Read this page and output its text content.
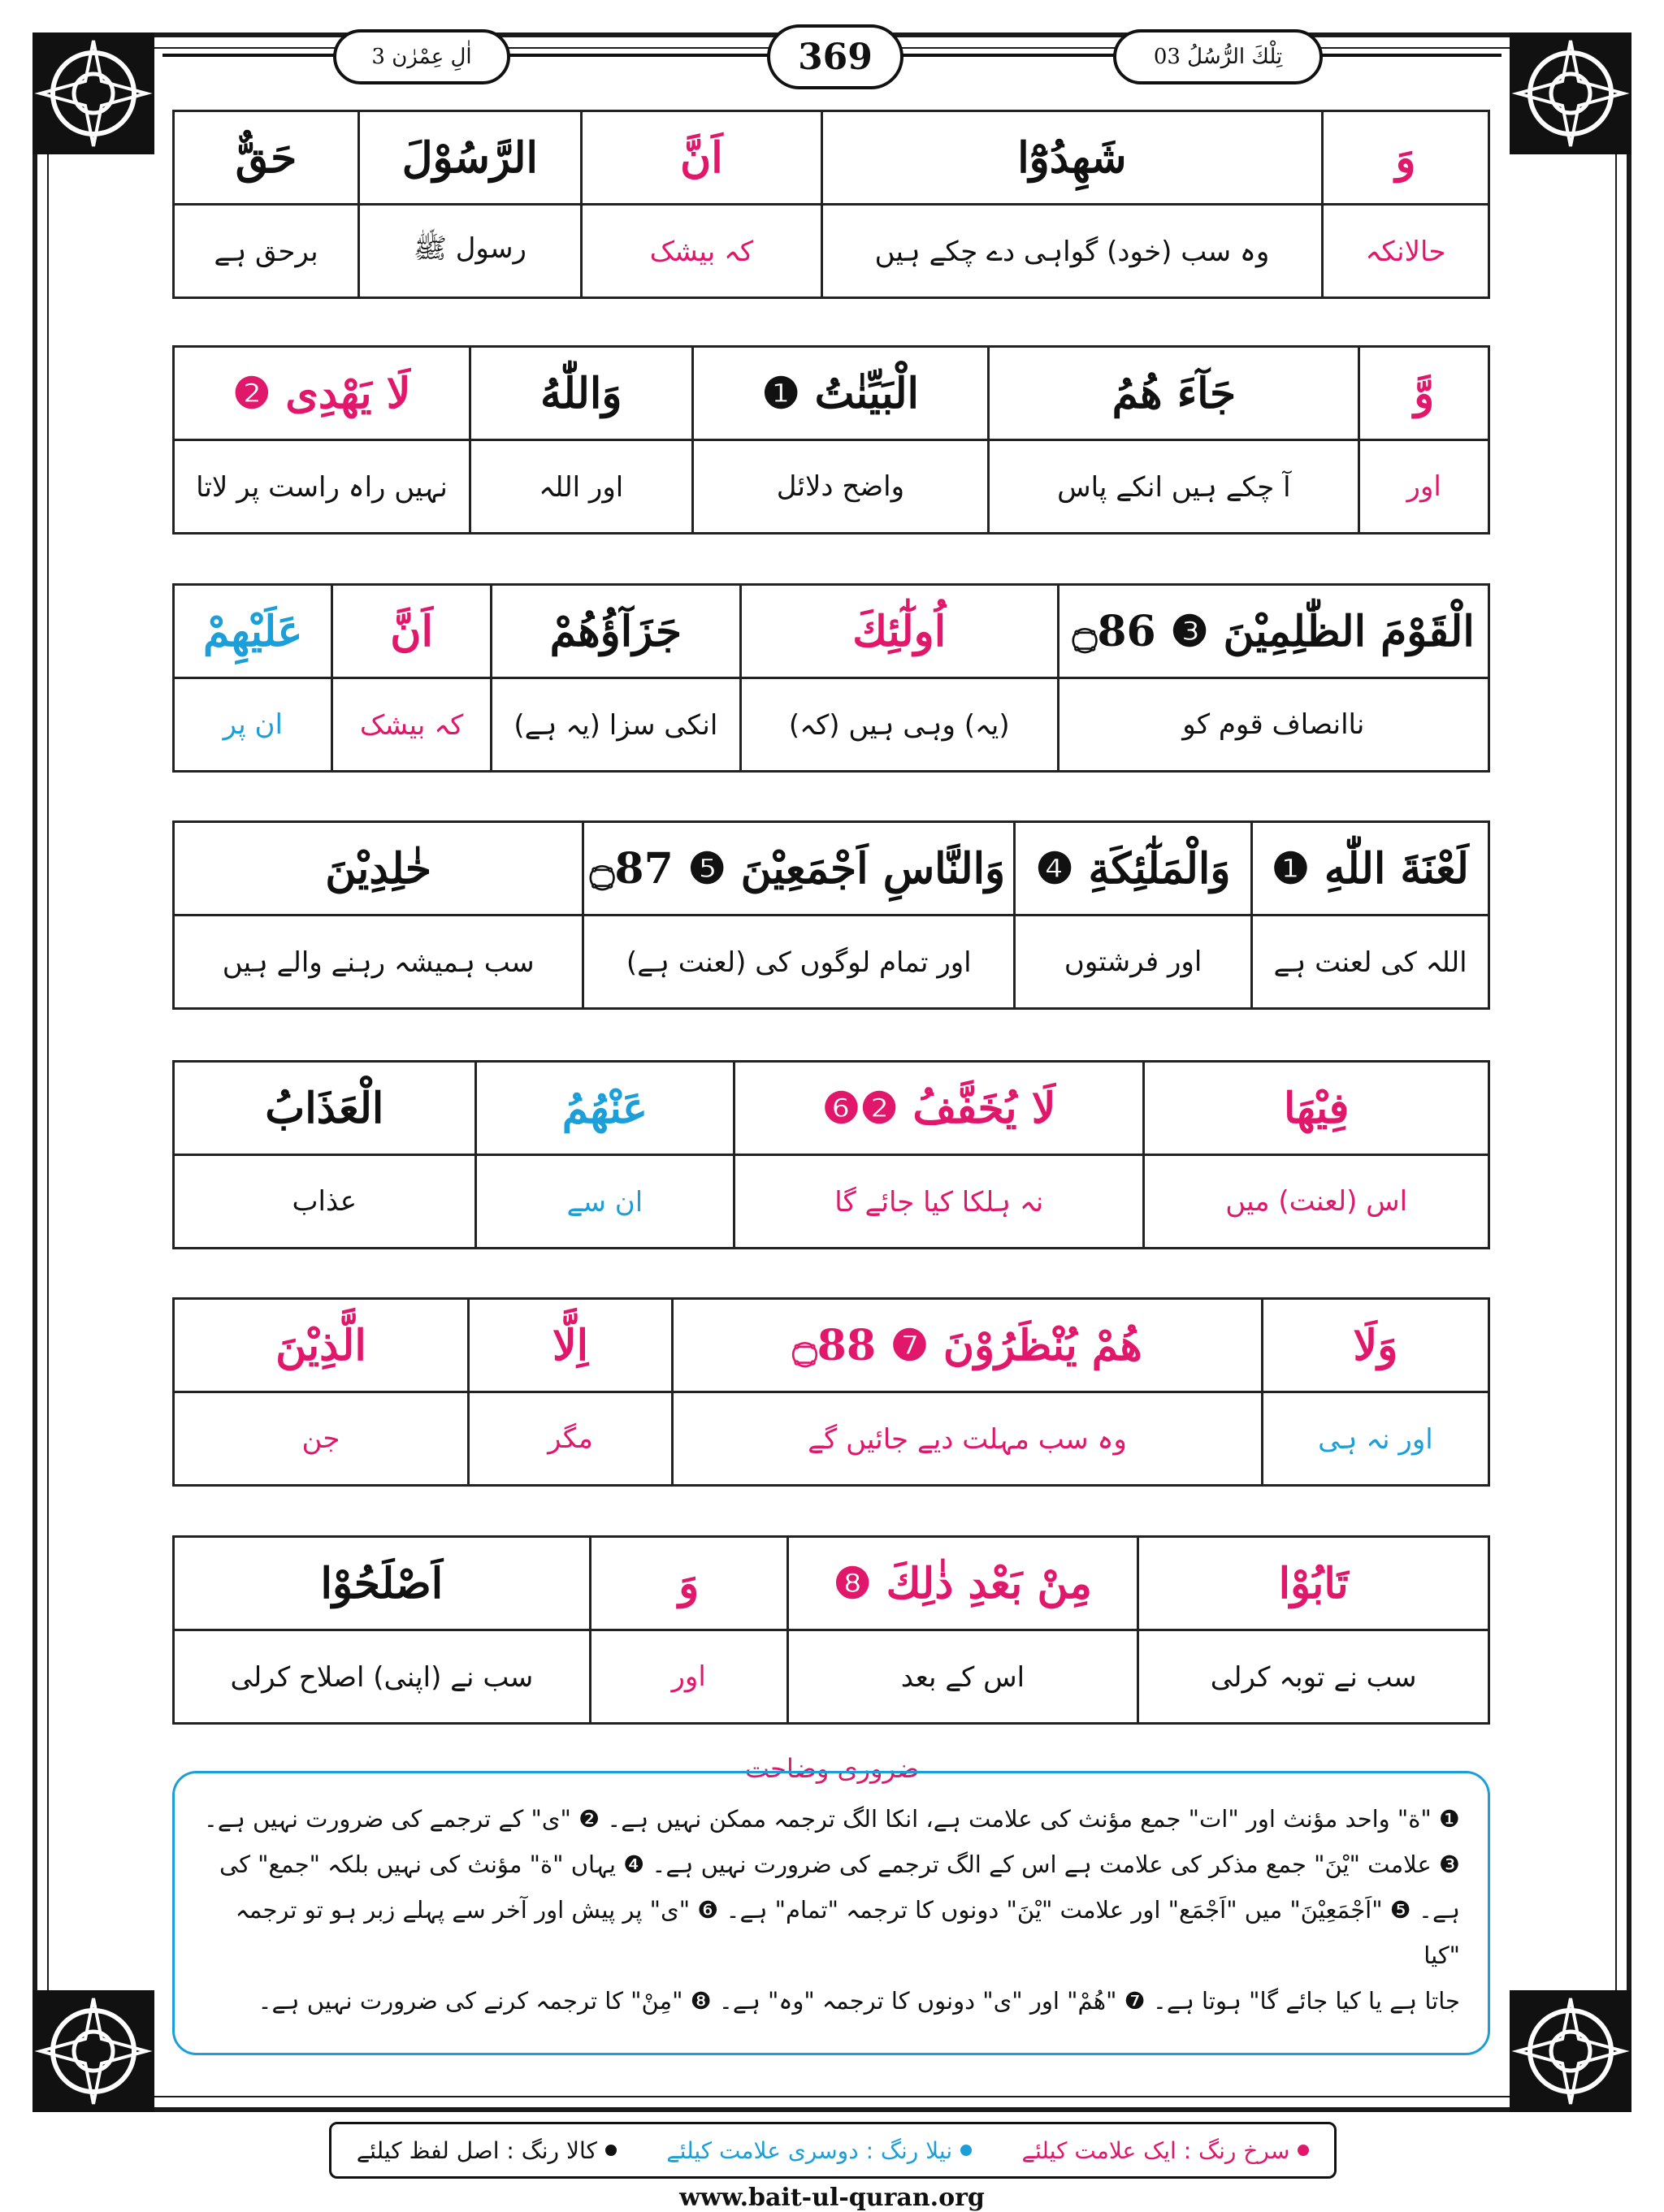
اٰلِ عِمْرٰن 3	369	تِلْكَ الرُّسُلُ 03
وَ	شَهِدُوْٓا	اَنَّ	الرَّسُوْلَ	حَقٌّ
حالانکہ	وہ سب (خود) گواہی دے چکے ہیں	کہ بیشک	رسول ﷺ	برحق ہے
وَّ	جَآءَ هُمُ	الْبَيِّنٰتُ ❶	وَاللّٰهُ	لَا يَهْدِى ❷
اور	آ چکے ہیں انکے پاس	واضح دلائل	اور اللہ	نہیں راہ راست پر لاتا
الْقَوْمَ الظّٰلِمِيْنَ ❸ ۝86	اُولٰٓئِكَ	جَزَآؤُهُمْ	اَنَّ	عَلَيْهِمْ
ناانصاف قوم کو	(یہ) وہی ہیں (کہ)	انکی سزا (یہ ہے)	کہ بیشک	ان پر
لَعْنَةَ اللّٰهِ ❶	وَالْمَلٰٓئِكَةِ ❹	وَالنَّاسِ اَجْمَعِيْنَ ❺ ۝87	خٰلِدِيْنَ
اللہ کی لعنت ہے	اور فرشتوں	اور تمام لوگوں کی (لعنت ہے)	سب ہمیشہ رہنے والے ہیں
فِيْهَا	لَا يُخَفَّفُ ❷❻	عَنْهُمُ	الْعَذَابُ
اس (لعنت) میں	نہ ہلکا کیا جائے گا	ان سے	عذاب
وَلَا	هُمْ يُنْظَرُوْنَ ❼ ۝88	اِلَّا	الَّذِيْنَ
اور نہ ہی	وہ سب مہلت دیے جائیں گے	مگر	جن
تَابُوْا	مِنْ بَعْدِ ذٰلِكَ ❽	وَ	اَصْلَحُوْا
سب نے توبہ کرلی	اس کے بعد	اور	سب نے (اپنی) اصلاح کرلی
ضروری وضاحت

❶ "ة" واحد مؤنث اور "ات" جمع مؤنث کی علامت ہے، انکا الگ ترجمہ ممکن نہیں ہے۔ ❷ "ى" کے ترجمے کی ضرورت نہیں ہے۔

❸ علامت "يْنَ" جمع مذکر کی علامت ہے اس کے الگ ترجمے کی ضرورت نہیں ہے۔ ❹ یہاں "ة" مؤنث کی نہیں بلکہ "جمع" کی

ہے۔ ❺ "اَجْمَعِيْنَ" میں "اَجْمَع" اور علامت "يْنَ" دونوں کا ترجمہ "تمام" ہے۔ ❻ "ى" پر پیش اور آخر سے پہلے زبر ہو تو ترجمہ "کیا

جاتا ہے یا کیا جائے گا" ہوتا ہے۔ ❼ "هُمْ" اور "ى" دونوں کا ترجمہ "وہ" ہے۔ ❽ "مِنْ" کا ترجمہ کرنے کی ضرورت نہیں ہے۔

سرخ رنگ : ایک علامت کیلئے
نیلا رنگ : دوسری علامت کیلئے
کالا رنگ : اصل لفظ کیلئے
www.bait-ul-quran.org
